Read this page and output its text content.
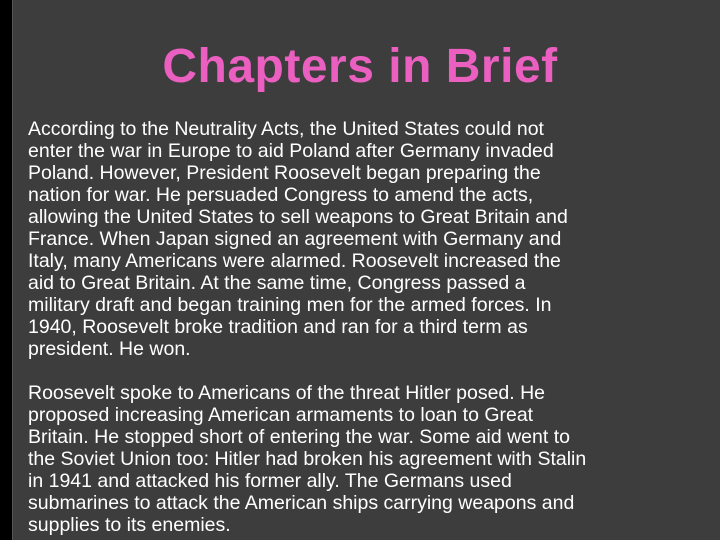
Chapters in Brief

According to the Neutrality Acts, the United States could not
enter the war in Europe to aid Poland after Germany invaded
Poland. However, President Roosevelt began preparing the
nation for war. He persuaded Congress to amend the acts,
allowing the United States to sell weapons to Great Britain and
France. When Japan signed an agreement with Germany and
Italy, many Americans were alarmed. Roosevelt increased the
aid to Great Britain. At the same time, Congress passed a
military draft and began training men for the armed forces. In
1940, Roosevelt broke tradition and ran for a third term as
president. He won.

Roosevelt spoke to Americans of the threat Hitler posed. He
proposed increasing American armaments to loan to Great
Britain. He stopped short of entering the war. Some aid went to
the Soviet Union too: Hitler had broken his agreement with Stalin
in 1941 and attacked his former ally. The Germans used
submarines to attack the American ships carrying weapons and
supplies to its enemies.
